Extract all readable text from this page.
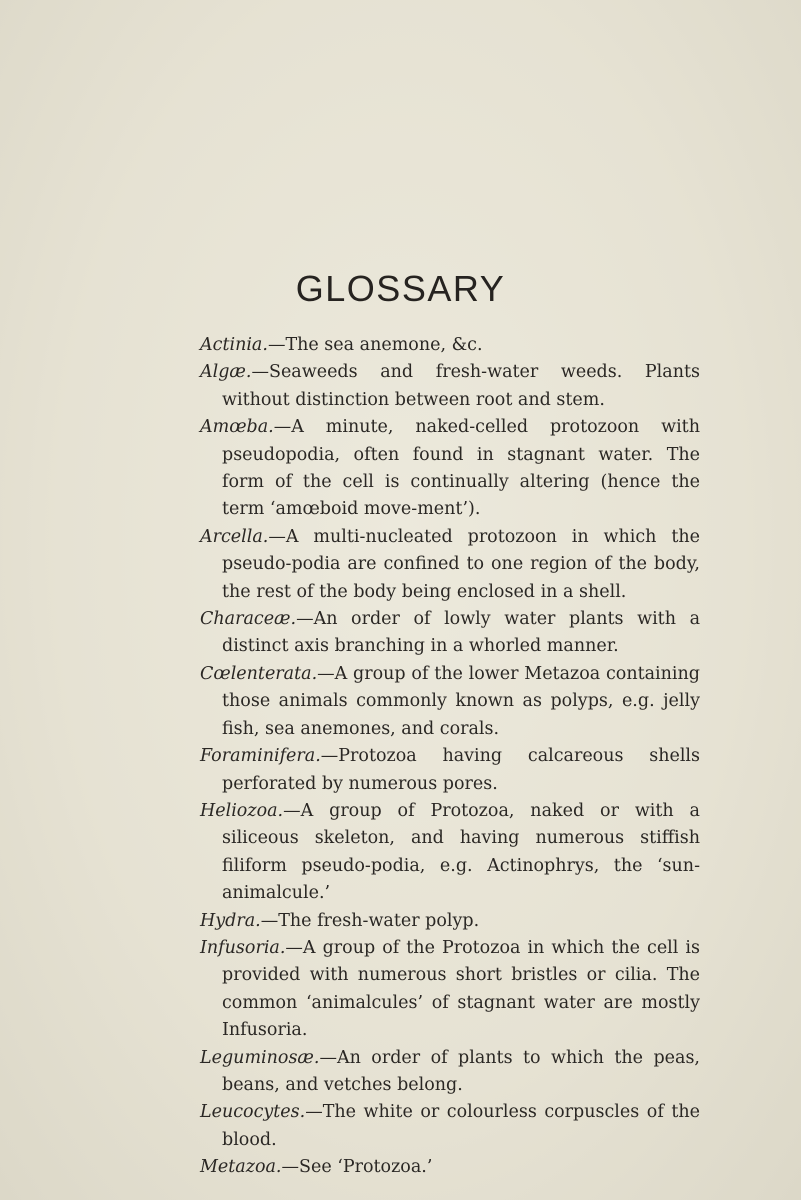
GLOSSARY

Actinia.—The sea anemone, &c.

Algæ.—Seaweeds and fresh-water weeds. Plants without distinction between root and stem.

Amœba.—A minute, naked-celled protozoon with pseudopodia, often found in stagnant water. The form of the cell is continually altering (hence the term ‘amœboid move-ment’).

Arcella.—A multi-nucleated protozoon in which the pseudo-podia are confined to one region of the body, the rest of the body being enclosed in a shell.

Characeæ.—An order of lowly water plants with a distinct axis branching in a whorled manner.

Cœlenterata.—A group of the lower Metazoa containing those animals commonly known as polyps, e.g. jelly fish, sea anemones, and corals.

Foraminifera.—Protozoa having calcareous shells perforated by numerous pores.

Heliozoa.—A group of Protozoa, naked or with a siliceous skeleton, and having numerous stiffish filiform pseudo-podia, e.g. Actinophrys, the ‘sun-animalcule.’

Hydra.—The fresh-water polyp.

Infusoria.—A group of the Protozoa in which the cell is provided with numerous short bristles or cilia. The common ‘animalcules’ of stagnant water are mostly Infusoria.

Leguminosæ.—An order of plants to which the peas, beans, and vetches belong.

Leucocytes.—The white or colourless corpuscles of the blood.

Metazoa.—See ‘Protozoa.’
